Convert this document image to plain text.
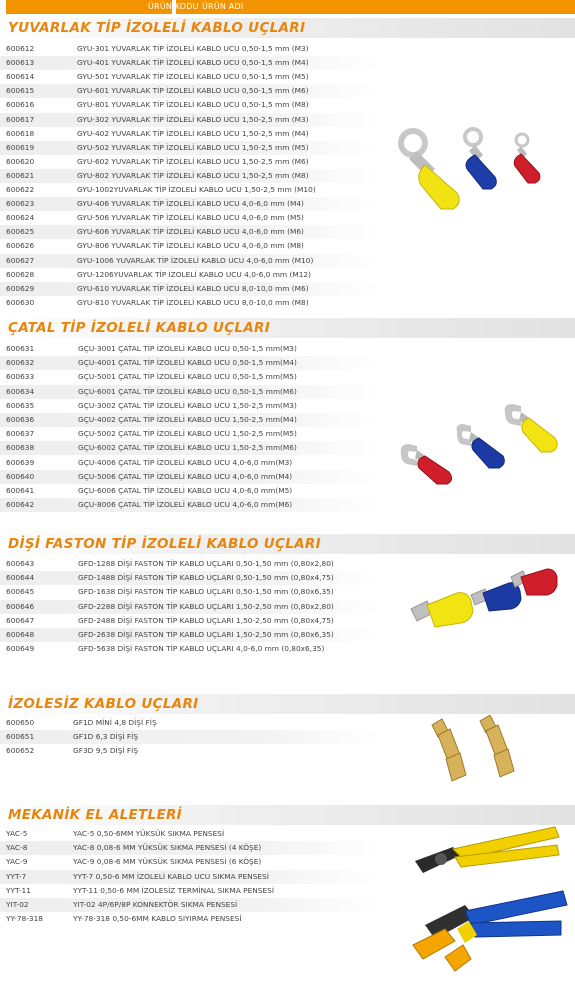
ÜRÜN KODU ÜRÜN ADI
YUVARLAK TİP İZOLELİ KABLO UÇLARI
600612	GYU-301 YUVARLAK TİP İZOLELİ KABLO UCU 0,50-1,5 mm (M3)
600613	GYU-401 YUVARLAK TİP İZOLELİ KABLO UCU 0,50-1,5 mm (M4)
600614	GYU-501 YUVARLAK TİP İZOLELİ KABLO UCU 0,50-1,5 mm (M5)
600615	GYU-601 YUVARLAK TİP İZOLELİ KABLO UCU 0,50-1,5 mm (M6)
600616	GYU-801 YUVARLAK TİP İZOLELİ KABLO UCU 0,50-1,5 mm (M8)
600617	GYU-302 YUVARLAK TİP İZOLELİ KABLO UCU 1,50-2,5 mm (M3)
600618	GYU-402 YUVARLAK TİP İZOLELİ KABLO UCU 1,50-2,5 mm (M4)
600619	GYU-502 YUVARLAK TİP İZOLELİ KABLO UCU 1,50-2,5 mm (M5)
600620	GYU-602 YUVARLAK TİP İZOLELİ KABLO UCU 1,50-2,5 mm (M6)
600621	GYU-802 YUVARLAK TİP İZOLELİ KABLO UCU 1,50-2,5 mm (M8)
600622	GYU-1002YUVARLAK TİP İZOLELİ KABLO UCU 1,50-2,5 mm (M10)
600623	GYU-406 YUVARLAK TİP İZOLELİ KABLO UCU 4,0-6,0 mm (M4)
600624	GYU-506 YUVARLAK TİP İZOLELİ KABLO UCU 4,0-6,0 mm (M5)
600625	GYU-606 YUVARLAK TİP İZOLELİ KABLO UCU 4,0-6,0 mm (M6)
600626	GYU-806 YUVARLAK TİP İZOLELİ KABLO UCU 4,0-6,0 mm (M8)
600627	GYU-1006 YUVARLAK TİP İZOLELİ KABLO UCU 4,0-6,0 mm (M10)
600628	GYU-1206YUVARLAK TİP İZOLELİ KABLO UCU 4,0-6,0 mm (M12)
600629	GYU-610 YUVARLAK TİP İZOLELİ KABLO UCU 8,0-10,0 mm (M6)
600630	GYU-810 YUVARLAK TİP İZOLELİ KABLO UCU 8,0-10,0 mm (M8)
ÇATAL TİP İZOLELİ KABLO UÇLARI
600631	GÇU-3001 ÇATAL TİP İZOLELİ KABLO UCU 0,50-1,5 mm(M3)
600632	GÇU-4001 ÇATAL TİP İZOLELİ KABLO UCU 0,50-1,5 mm(M4)
600633	GÇU-5001 ÇATAL TİP İZOLELİ KABLO UCU 0,50-1,5 mm(M5)
600634	GÇU-6001 ÇATAL TİP İZOLELİ KABLO UCU 0,50-1,5 mm(M6)
600635	GÇU-3002 ÇATAL TİP İZOLELİ KABLO UCU 1,50-2,5 mm(M3)
600636	GÇU-4002 ÇATAL TİP İZOLELİ KABLO UCU 1,50-2,5 mm(M4)
600637	GÇU-5002 ÇATAL TİP İZOLELİ KABLO UCU 1,50-2,5 mm(M5)
600638	GÇU-6002 ÇATAL TİP İZOLELİ KABLO UCU 1,50-2,5 mm(M6)
600639	GÇU-4006 ÇATAL TİP İZOLELİ KABLO UCU 4,0-6,0 mm(M3)
600640	GÇU-5006 ÇATAL TİP İZOLELİ KABLO UCU 4,0-6,0 mm(M4)
600641	GÇU-6006 ÇATAL TİP İZOLELİ KABLO UCU 4,0-6,0 mm(M5)
600642	GÇU-8006 ÇATAL TİP İZOLELİ KABLO UCU 4,0-6,0 mm(M6)
DİŞİ FASTON TİP İZOLELİ KABLO UÇLARI
600643	GFD-1288 DİŞİ FASTON TİP KABLO UÇLARI 0,50-1,50 mm (0,80x2,80)
600644	GFD-1488 DİŞİ FASTON TİP KABLO UÇLARI 0,50-1,50 mm (0,80x4,75)
600645	GFD-1638 DİŞİ FASTON TİP KABLO UÇLARI 0,50-1,50 mm (0,80x6,35)
600646	GFD-2288 DİŞİ FASTON TİP KABLO UÇLARI 1,50-2,50 mm (0,80x2,80)
600647	GFD-2488 DİŞİ FASTON TİP KABLO UÇLARI 1,50-2,50 mm (0,80x4,75)
600648	GFD-2638 DİŞİ FASTON TİP KABLO UÇLARI 1,50-2,50 mm (0,80x6,35)
600649	GFD-5638 DİŞİ FASTON TİP KABLO UÇLARI 4,0-6,0 mm (0,80x6,35)
İZOLESİZ KABLO UÇLARI
600650	GF1D MİNİ 4,8 DİŞİ FİŞ
600651	GF1D 6,3 DİŞİ FİŞ
600652	GF3D 9,5 DİŞİ FİŞ
MEKANİK EL ALETLERİ
YAC-5	YAC-5 0,50-6MM YÜKSÜK SIKMA PENSESİ
YAC-8	YAC-8 0,08-6 MM YÜKSÜK SIKMA PENSESİ (4 KÖŞE)
YAC-9	YAC-9 0,08-6 MM YÜKSÜK SIKMA PENSESİ (6 KÖŞE)
YYT-7	YYT-7 0,50-6 MM İZOLELİ KABLO UCU SIKMA PENSESİ
YYT-11	YYT-11 0,50-6 MM İZOLESİZ TERMİNAL SIKMA PENSESİ
YIT-02	YIT-02 4P/6P/8P KONNEKTÖR SIKMA PENSESİ
YY-78-318	YY-78-318 0,50-6MM KABLO SIYIRMA PENSESİ
